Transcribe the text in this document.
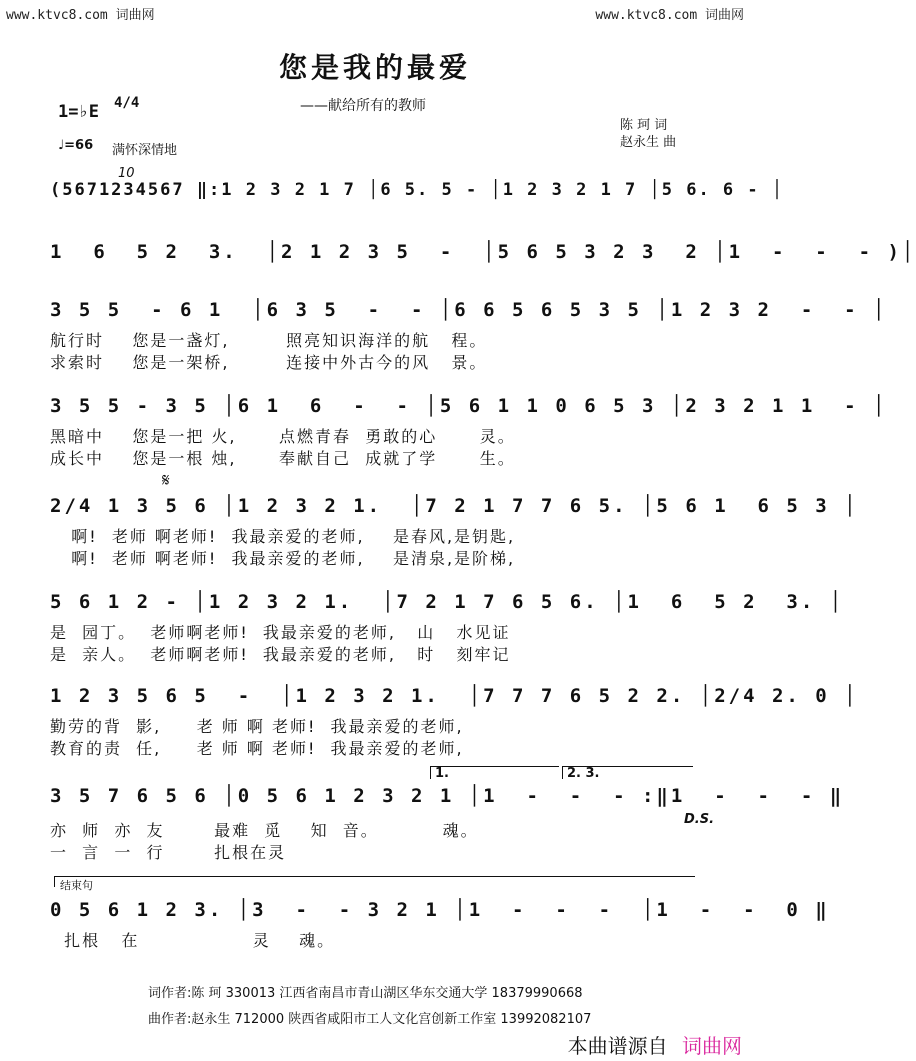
www.ktvc8.com 词曲网	www.ktvc8.com 词曲网
您是我的最爱
——献给所有的教师
1=♭E 4/4
♩=66 满怀深情地
陈 珂 词
赵永生 曲
10
(5671234567 ‖:1 2 3 2 1 7 │6 5. 5 - │1 2 3 2 1 7 │5 6. 6 - │
1  6  5 2  3.  │2 1 2 3 5  -  │5 6 5 3 2 3  2 │1  -  -  - )│
3 5 5  - 6 1  │6 3 5  -  - │6 6 5 6 5 3 5 │1 2 3 2  -  - │
航行时    您是一盏灯,        照亮知识海洋的航   程。
求索时    您是一架桥,        连接中外古今的风   景。
3 5 5 - 3 5 │6 1  6  -  - │5 6 1 1 0 6 5 3 │2 3 2 1 1  - │
黑暗中    您是一把 火,      点燃青春  勇敢的心      灵。
成长中    您是一根 烛,      奉献自己  成就了学      生。
𝄋
2/4 1 3 5 6 │1 2 3 2 1.  │7 2 1 7 7 6 5. │5 6 1  6 5 3 │
啊!  老师 啊老师!  我最亲爱的老师,    是春风,是钥匙,
啊!  老师 啊老师!  我最亲爱的老师,    是清泉,是阶梯,
5 6 1 2 - │1 2 3 2 1.  │7 2 1 7 6 5 6. │1  6  5 2  3. │
是  园丁。  老师啊老师!  我最亲爱的老师,   山   水见证
是  亲人。  老师啊老师!  我最亲爱的老师,   时   刻牢记
1 2 3 5 6 5  -  │1 2 3 2 1.  │7 7 7 6 5 2 2. │2/4 2. 0 │
勤劳的背  影,     老 师 啊 老师!  我最亲爱的老师,
教育的责  任,     老 师 啊 老师!  我最亲爱的老师,
1.	2. 3.
3 5 7 6 5 6 │0 5 6 1 2 3 2 1 │1  -  -  - :‖1  -  -  - ‖
D.S.
亦  师  亦  友       最难  觅    知  音。         魂。
一  言  一  行       扎根在灵
结束句
0 5 6 1 2 3. │3  -  - 3 2 1 │1  -  -  -  │1  -  -  0 ‖
扎根   在                灵    魂。
词作者:陈 珂 330013 江西省南昌市青山湖区华东交通大学 18379990668
曲作者:赵永生 712000 陕西省咸阳市工人文化宫创新工作室 13992082107
本曲谱源自 词曲网
